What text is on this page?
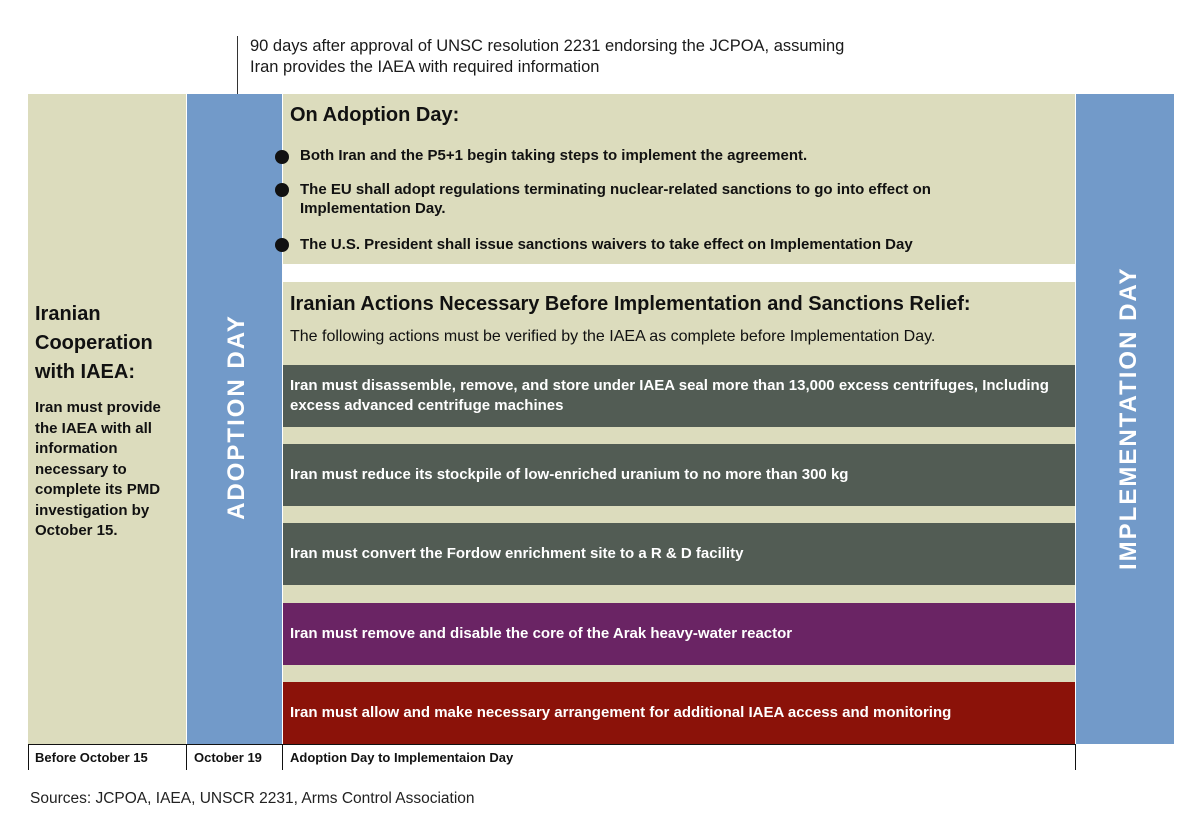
90 days after approval of UNSC resolution 2231 endorsing the JCPOA, assuming
Iran provides the IAEA with required information
Iranian Cooperation with IAEA:
Iran must provide the IAEA with all information necessary to complete its PMD investigation by October 15.
ADOPTION DAY	IMPLEMENTATION DAY
On Adoption Day:
Both Iran and the P5+1 begin taking steps to implement the agreement.
The EU shall adopt regulations terminating nuclear-related sanctions to go into effect on Implementation Day.
The U.S. President shall issue sanctions waivers to take effect on Implementation Day
Iranian Actions Necessary Before Implementation and Sanctions Relief:
The following actions must be verified by the IAEA as complete before Implementation Day.
Iran must disassemble, remove, and store under IAEA seal more than 13,000 excess centrifuges, Including excess advanced centrifuge machines
Iran must reduce its stockpile of low-enriched uranium to no more than 300 kg
Iran must convert the Fordow enrichment site to a R & D facility
Iran must remove and disable the core of the Arak heavy-water reactor
Iran must allow and make necessary arrangement for additional IAEA access and monitoring
Before October 15	October 19 Adoption Day to Implementaion Day
Sources: JCPOA, IAEA, UNSCR 2231, Arms Control Association
